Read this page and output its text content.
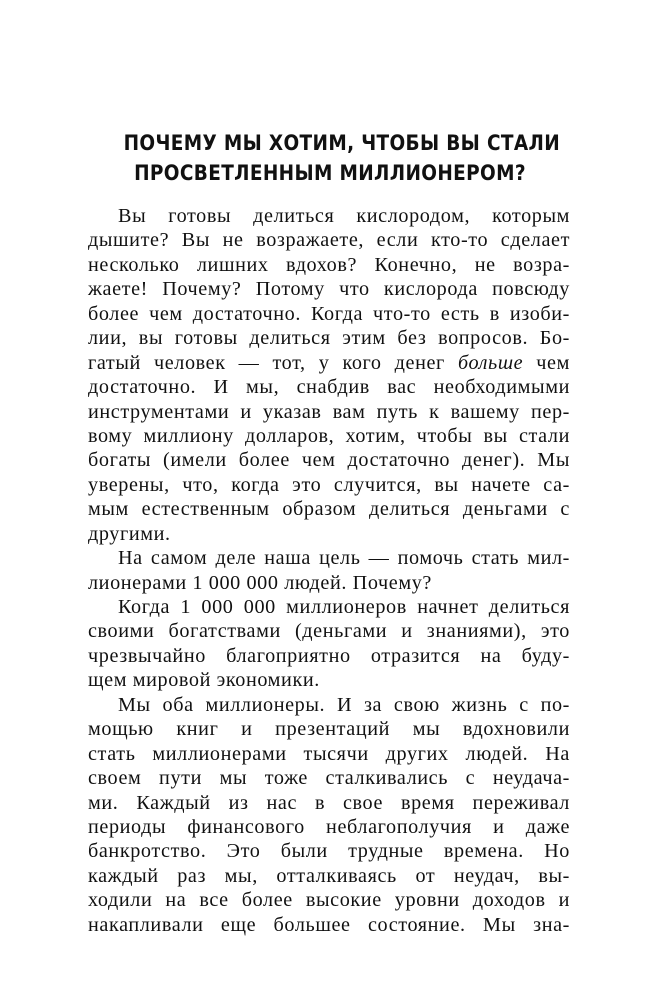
ПОЧЕМУ МЫ ХОТИМ, ЧТОБЫ ВЫ СТАЛИ
ПРОСВЕТЛЕННЫМ МИЛЛИОНЕРОМ?
Вы готовы делиться кислородом, которым
дышите? Вы не возражаете, если кто-то сделает
несколько лишних вдохов? Конечно, не возра-
жаете! Почему? Потому что кислорода повсюду
более чем достаточно. Когда что-то есть в изоби-
лии, вы готовы делиться этим без вопросов. Бо-
гатый человек — тот, у кого денег больше чем
достаточно. И мы, снабдив вас необходимыми
инструментами и указав вам путь к вашему пер-
вому миллиону долларов, хотим, чтобы вы стали
богаты (имели более чем достаточно денег). Мы
уверены, что, когда это случится, вы начете са-
мым естественным образом делиться деньгами с
другими.
На самом деле наша цель — помочь стать мил-
лионерами 1 000 000 людей. Почему?
Когда 1 000 000 миллионеров начнет делиться
своими богатствами (деньгами и знаниями), это
чрезвычайно благоприятно отразится на буду-
щем мировой экономики.
Мы оба миллионеры. И за свою жизнь с по-
мощью книг и презентаций мы вдохновили
стать миллионерами тысячи других людей. На
своем пути мы тоже сталкивались с неудача-
ми. Каждый из нас в свое время переживал
периоды финансового неблагополучия и даже
банкротство. Это были трудные времена. Но
каждый раз мы, отталкиваясь от неудач, вы-
ходили на все более высокие уровни доходов и
накапливали еще большее состояние. Мы зна-
